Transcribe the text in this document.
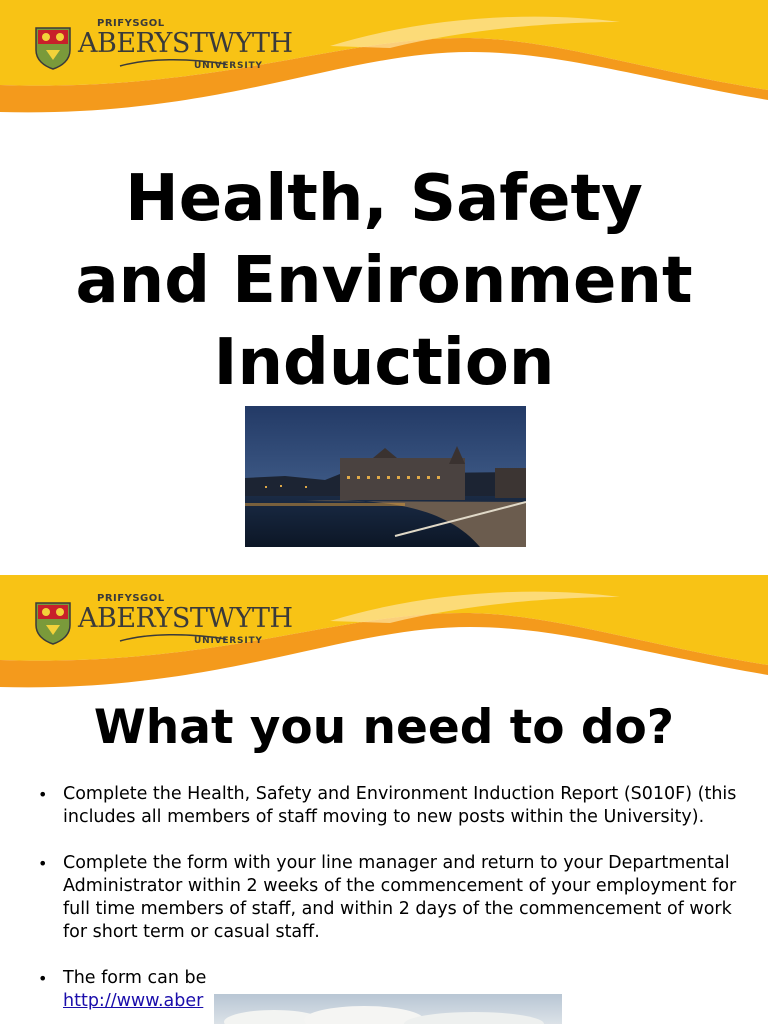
PRIFYSGOL
ABERYSTWYTH
UNIVERSITY
Health, Safety
and Environment
Induction
PRIFYSGOL
ABERYSTWYTH
UNIVERSITY
What you need to do?
• Complete the Health, Safety and Environment Induction Report (S010F) (this includes all members of staff moving to new posts within the University).
• Complete the form with your line manager and return to your Departmental Administrator within 2 weeks of the commencement of your employment for full time members of staff, and within 2 days of the commencement of work for short term or casual staff.
• The form can be
http://www.aber
